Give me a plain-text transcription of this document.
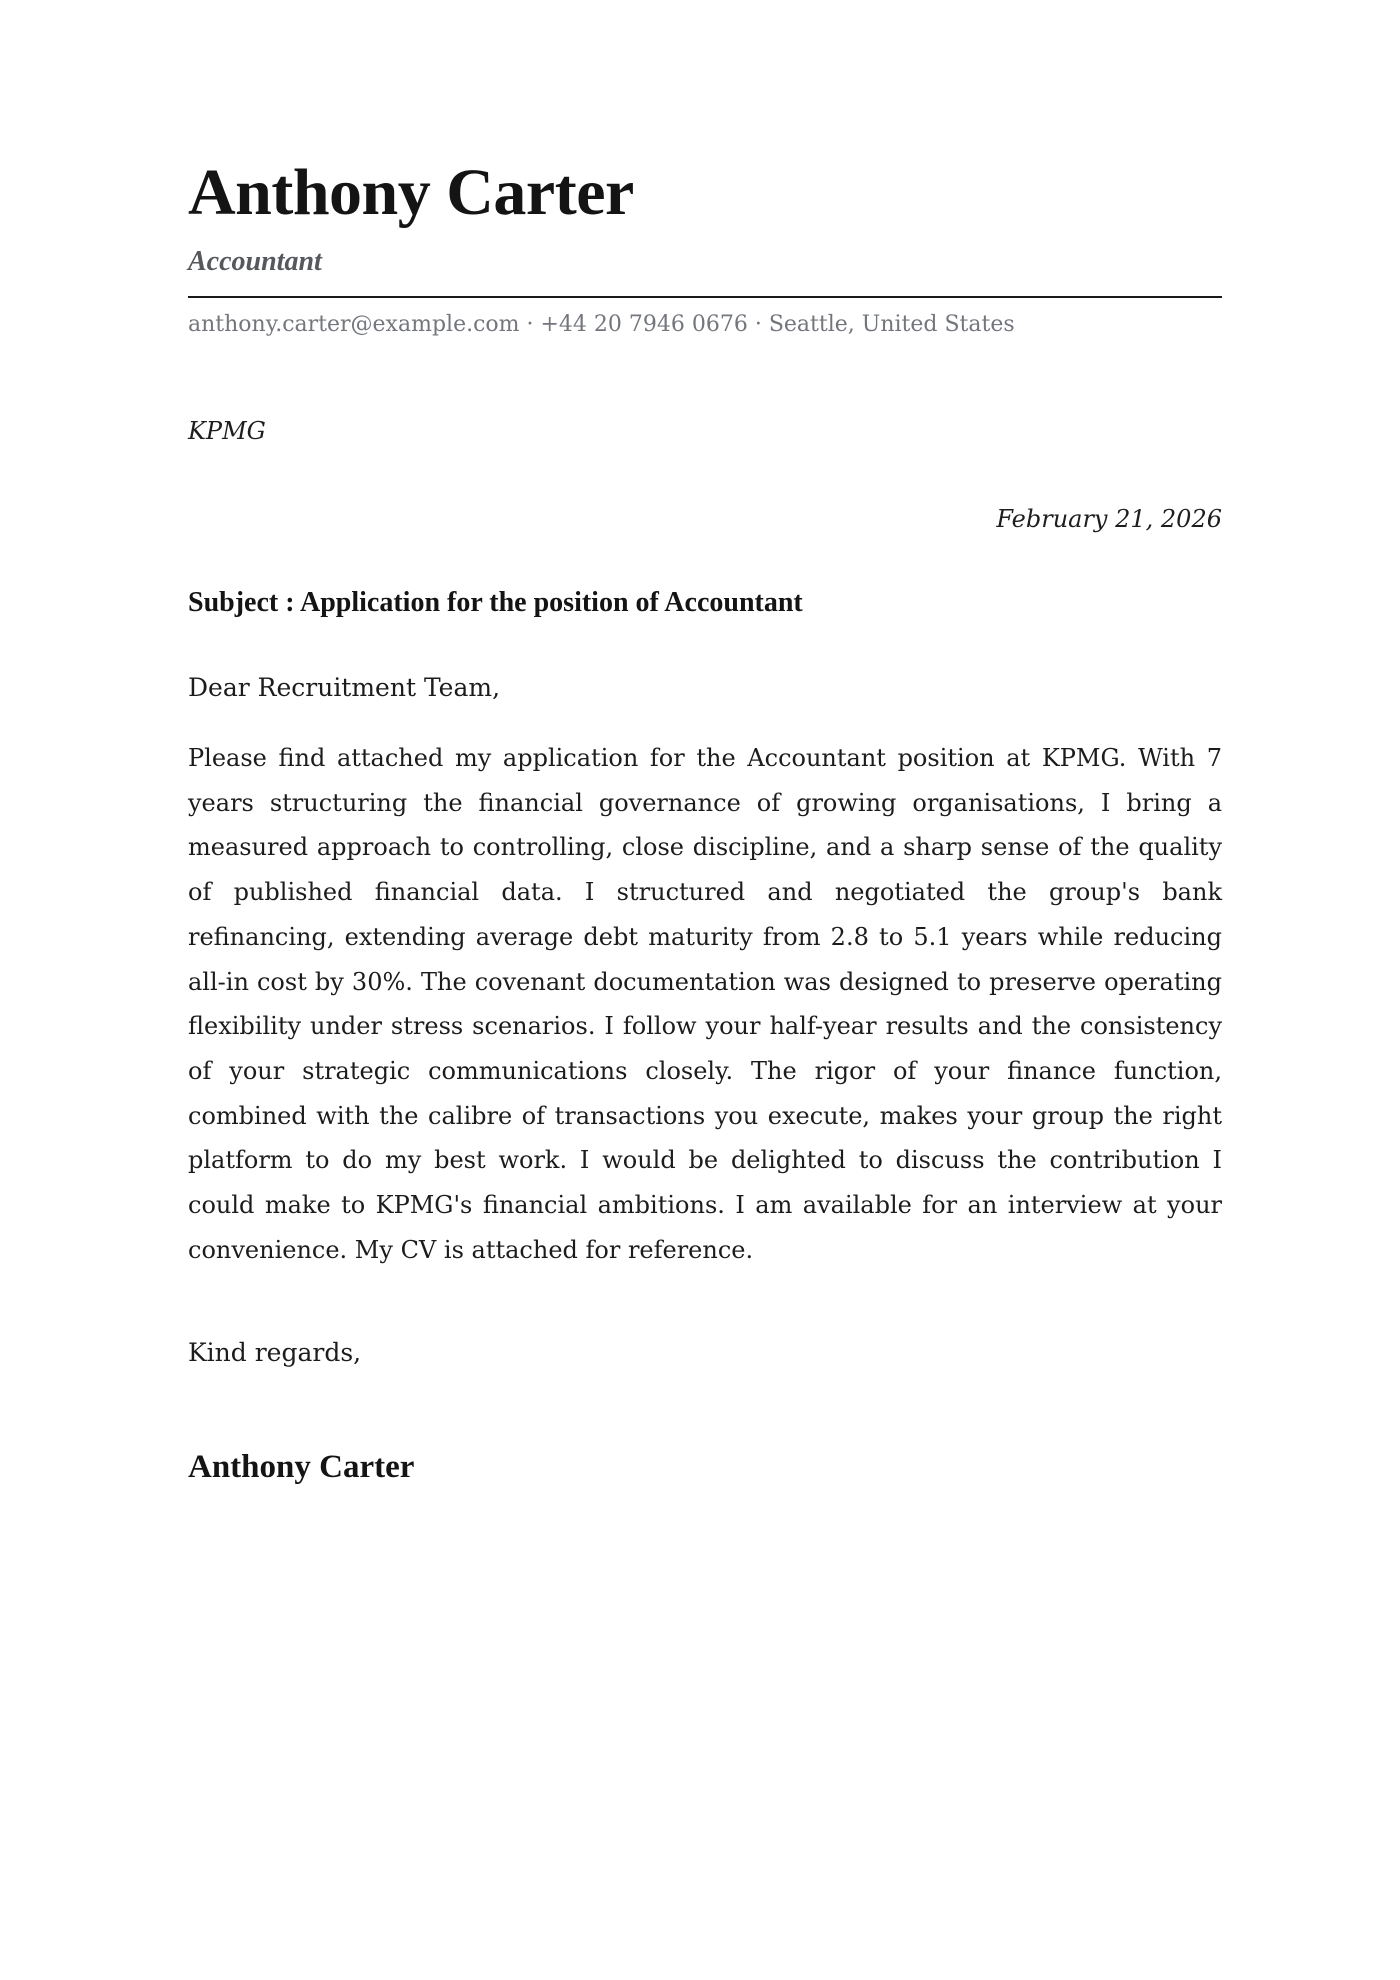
Anthony Carter
Accountant
anthony.carter@example.com · +44 20 7946 0676 · Seattle, United States
KPMG
February 21, 2026
Subject : Application for the position of Accountant
Dear Recruitment Team,

Please find attached my application for the Accountant position at KPMG. With 7 years structuring the financial governance of growing organisations, I bring a measured approach to controlling, close discipline, and a sharp sense of the quality of published financial data. I structured and negotiated the group's bank refinancing, extending average debt maturity from 2.8 to 5.1 years while reducing all-in cost by 30%. The covenant documentation was designed to preserve operating flexibility under stress scenarios. I follow your half-year results and the consistency of your strategic communications closely. The rigor of your finance function, combined with the calibre of transactions you execute, makes your group the right platform to do my best work. I would be delighted to discuss the contribution I could make to KPMG's financial ambitions. I am available for an interview at your convenience. My CV is attached for reference.

Kind regards,
Anthony Carter
